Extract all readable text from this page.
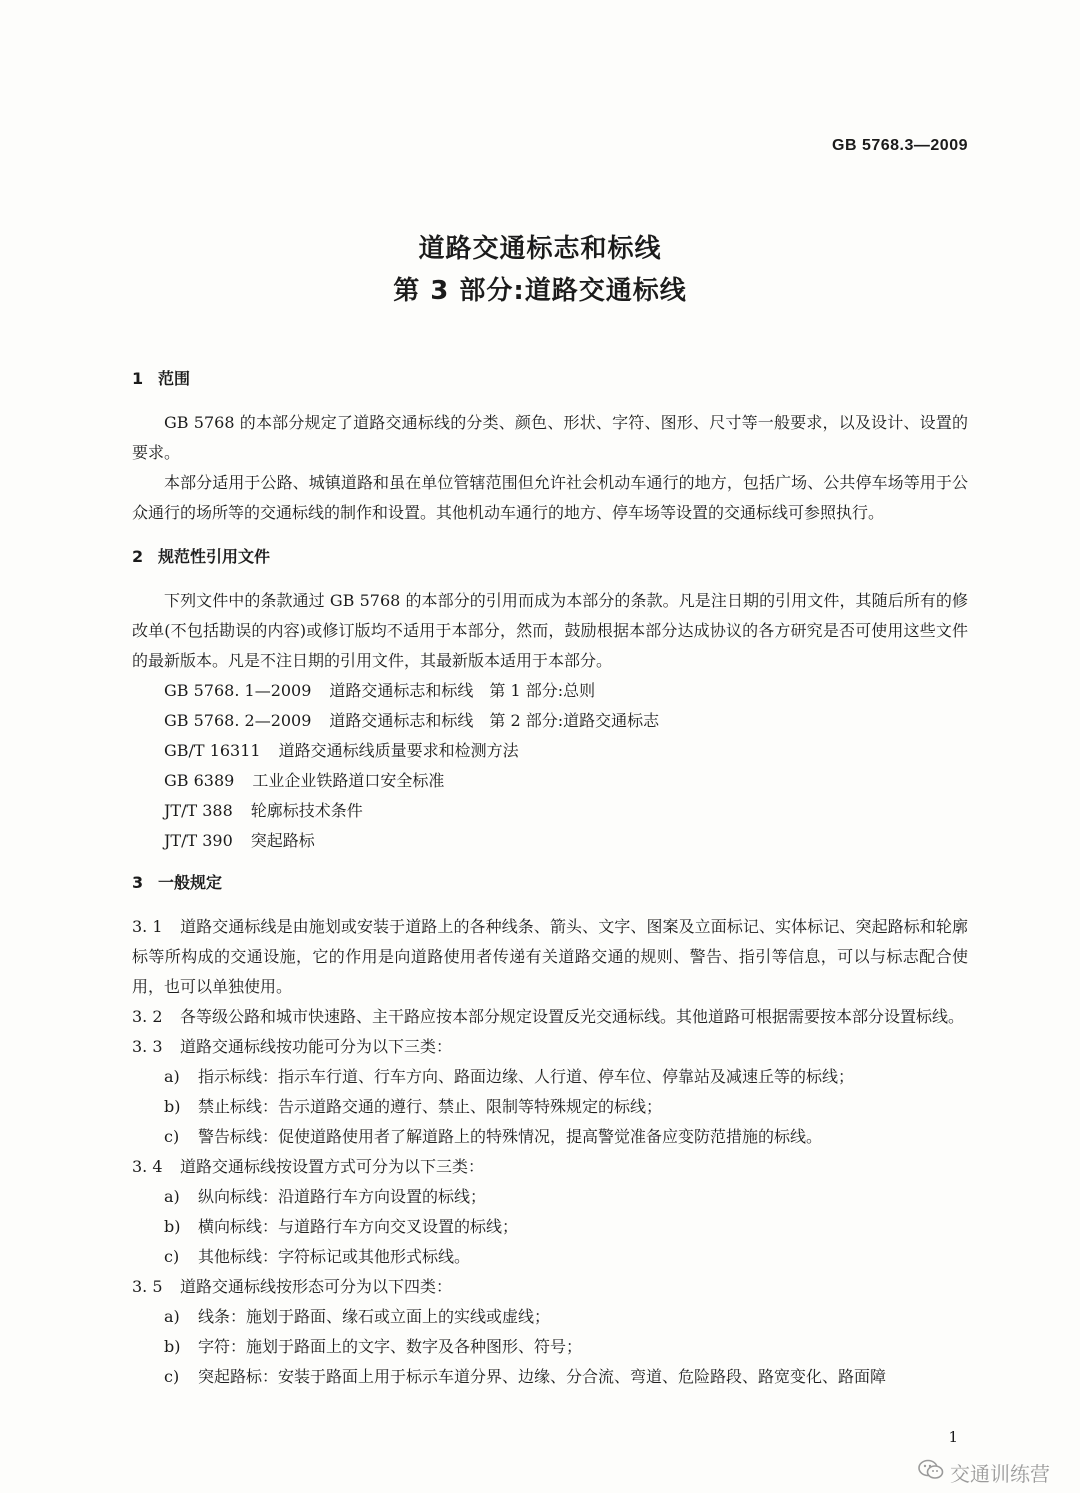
GB 5768.3—2009
道路交通标志和标线
第 3 部分:道路交通标线
1 范围

GB 5768 的本部分规定了道路交通标线的分类、颜色、形状、字符、图形、尺寸等一般要求，以及设计、设置的要求。

本部分适用于公路、城镇道路和虽在单位管辖范围但允许社会机动车通行的地方，包括广场、公共停车场等用于公众通行的场所等的交通标线的制作和设置。其他机动车通行的地方、停车场等设置的交通标线可参照执行。

2 规范性引用文件

下列文件中的条款通过 GB 5768 的本部分的引用而成为本部分的条款。凡是注日期的引用文件，其随后所有的修改单(不包括勘误的内容)或修订版均不适用于本部分，然而，鼓励根据本部分达成协议的各方研究是否可使用这些文件的最新版本。凡是不注日期的引用文件，其最新版本适用于本部分。

GB 5768. 1—2009 道路交通标志和标线　第 1 部分:总则
GB 5768. 2—2009 道路交通标志和标线　第 2 部分:道路交通标志
GB/T 16311 道路交通标线质量要求和检测方法
GB 6389 工业企业铁路道口安全标准
JT/T 388 轮廓标技术条件
JT/T 390 突起路标
3 一般规定

3. 1 道路交通标线是由施划或安装于道路上的各种线条、箭头、文字、图案及立面标记、实体标记、突起路标和轮廓标等所构成的交通设施，它的作用是向道路使用者传递有关道路交通的规则、警告、指引等信息，可以与标志配合使用，也可以单独使用。

3. 2 各等级公路和城市快速路、主干路应按本部分规定设置反光交通标线。其他道路可根据需要按本部分设置标线。

3. 3 道路交通标线按功能可分为以下三类：

a) 指示标线：指示车行道、行车方向、路面边缘、人行道、停车位、停靠站及减速丘等的标线；
b) 禁止标线：告示道路交通的遵行、禁止、限制等特殊规定的标线；
c) 警告标线：促使道路使用者了解道路上的特殊情况，提高警觉准备应变防范措施的标线。

3. 4 道路交通标线按设置方式可分为以下三类：

a) 纵向标线：沿道路行车方向设置的标线；
b) 横向标线：与道路行车方向交叉设置的标线；
c) 其他标线：字符标记或其他形式标线。

3. 5 道路交通标线按形态可分为以下四类：

a) 线条：施划于路面、缘石或立面上的实线或虚线；
b) 字符：施划于路面上的文字、数字及各种图形、符号；
c) 突起路标：安装于路面上用于标示车道分界、边缘、分合流、弯道、危险路段、路宽变化、路面障
1
交通训练营
